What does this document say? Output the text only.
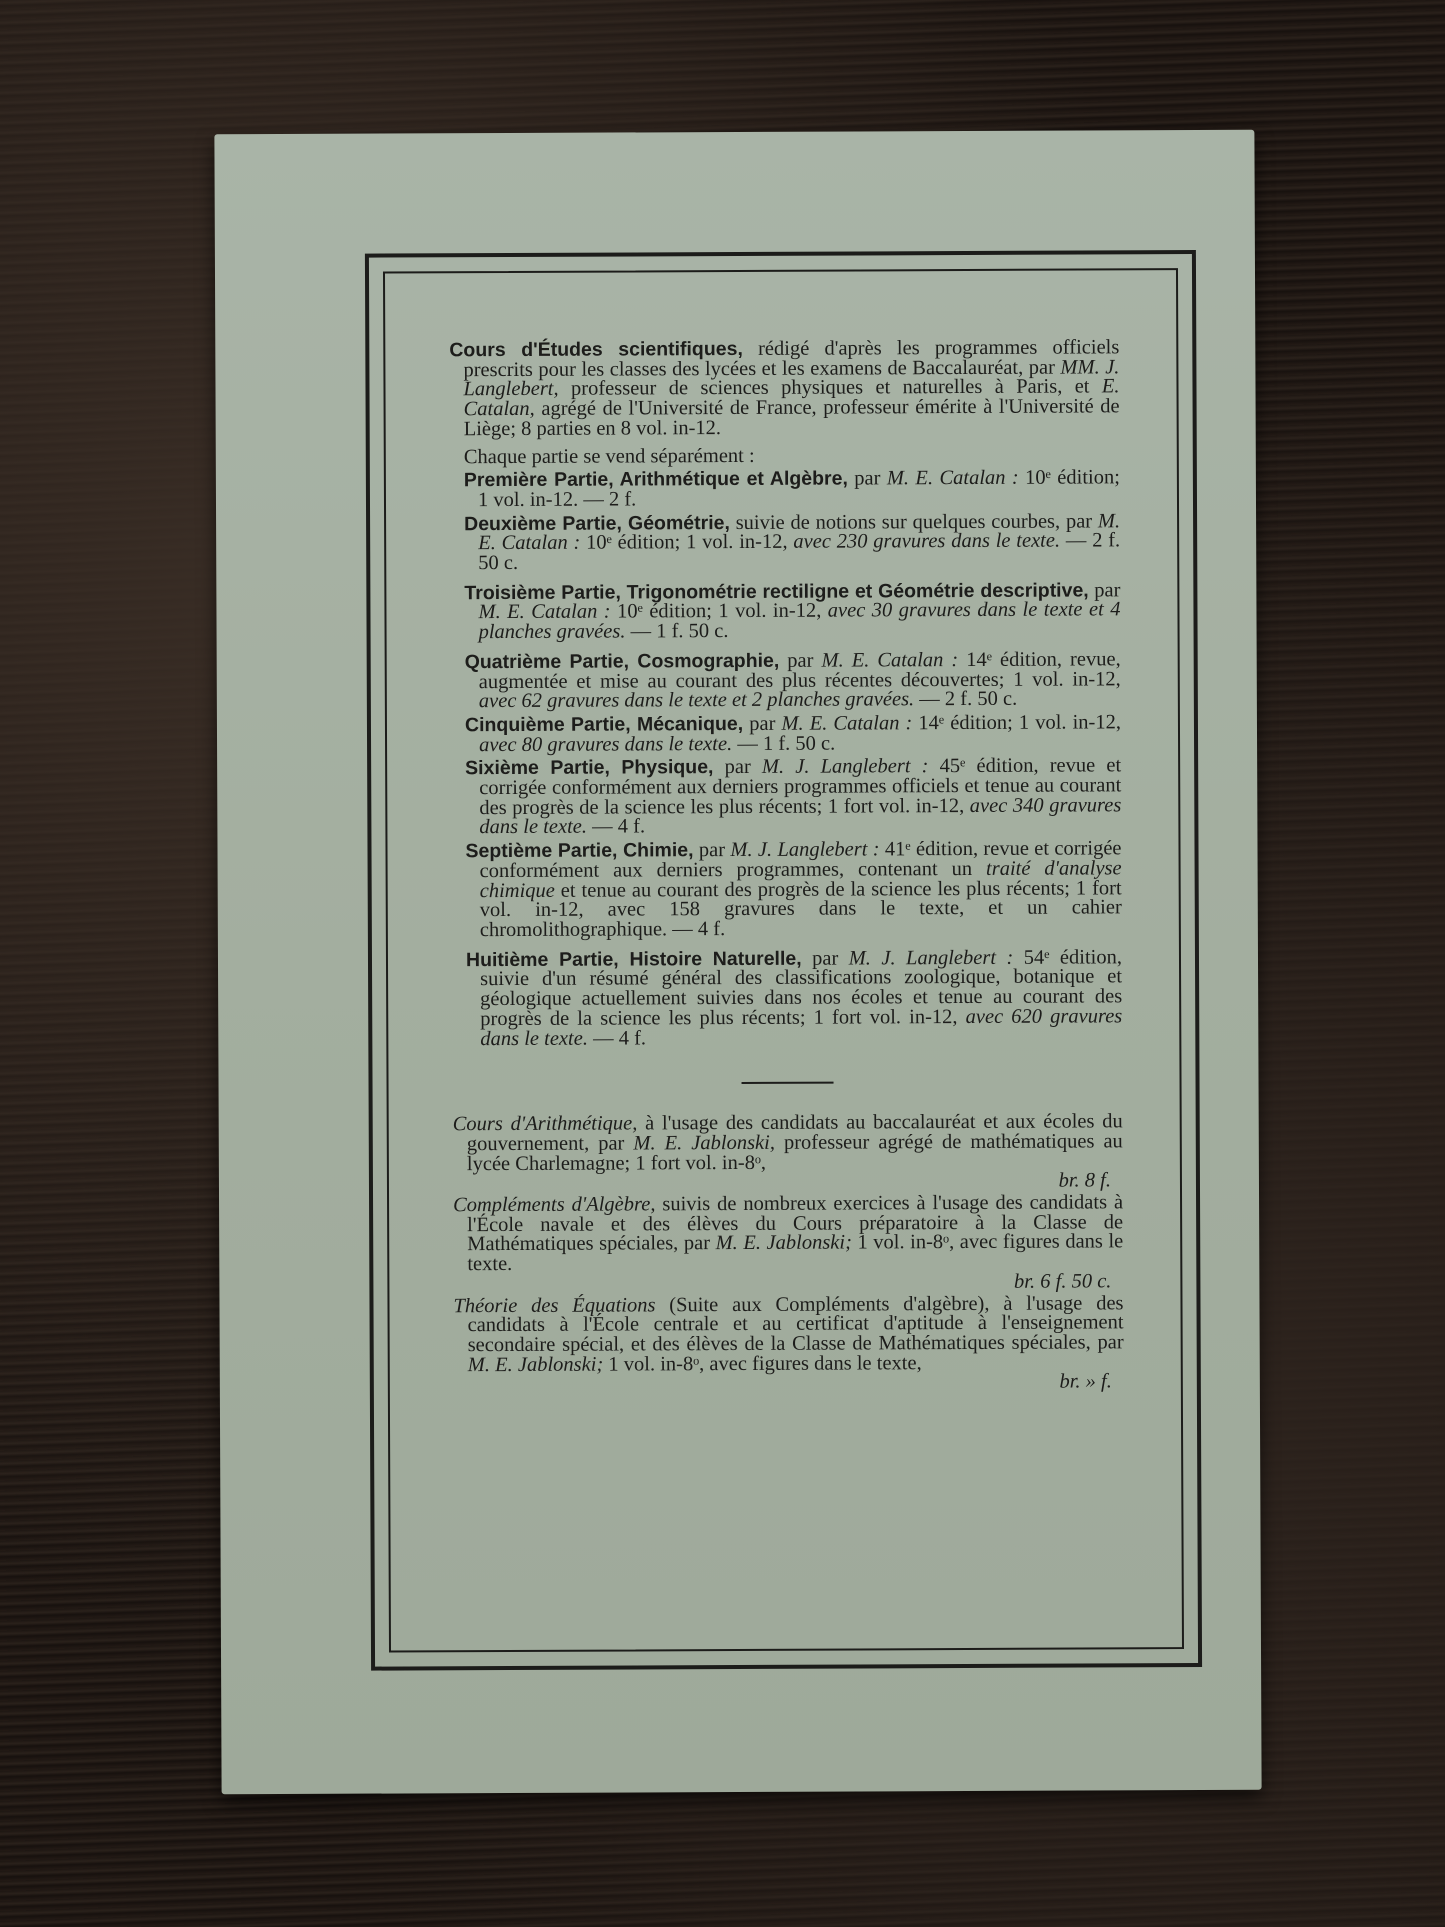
Cours d'Études scientifiques, rédigé d'après les programmes officiels prescrits pour les classes des lycées et les examens de Baccalauréat, par MM. J. Langlebert, professeur de sciences physiques et naturelles à Paris, et E. Catalan, agrégé de l'Université de France, professeur émérite à l'Université de Liège; 8 parties en 8 vol. in-12.

Chaque partie se vend séparément :

Première Partie, Arithmétique et Algèbre, par M. E. Catalan : 10ᵉ édition; 1 vol. in-12. — 2 f.

Deuxième Partie, Géométrie, suivie de notions sur quelques courbes, par M. E. Catalan : 10ᵉ édition; 1 vol. in-12, avec 230 gravures dans le texte. — 2 f. 50 c.

Troisième Partie, Trigonométrie rectiligne et Géométrie descriptive, par M. E. Catalan : 10ᵉ édition; 1 vol. in-12, avec 30 gravures dans le texte et 4 planches gravées. — 1 f. 50 c.

Quatrième Partie, Cosmographie, par M. E. Catalan : 14ᵉ édition, revue, augmentée et mise au courant des plus récentes découvertes; 1 vol. in-12, avec 62 gravures dans le texte et 2 planches gravées. — 2 f. 50 c.

Cinquième Partie, Mécanique, par M. E. Catalan : 14ᵉ édition; 1 vol. in-12, avec 80 gravures dans le texte. — 1 f. 50 c.

Sixième Partie, Physique, par M. J. Langlebert : 45ᵉ édition, revue et corrigée conformément aux derniers programmes officiels et tenue au courant des progrès de la science les plus récents; 1 fort vol. in-12, avec 340 gravures dans le texte. — 4 f.

Septième Partie, Chimie, par M. J. Langlebert : 41ᵉ édition, revue et corrigée conformément aux derniers programmes, contenant un traité d'analyse chimique et tenue au courant des progrès de la science les plus récents; 1 fort vol. in-12, avec 158 gravures dans le texte, et un cahier chromolithographique. — 4 f.

Huitième Partie, Histoire Naturelle, par M. J. Langlebert : 54ᵉ édition, suivie d'un résumé général des classifications zoologique, botanique et géologique actuellement suivies dans nos écoles et tenue au courant des progrès de la science les plus récents; 1 fort vol. in-12, avec 620 gravures dans le texte. — 4 f.

Cours d'Arithmétique, à l'usage des candidats au baccalauréat et aux écoles du gouvernement, par M. E. Jablonski, professeur agrégé de mathématiques au lycée Charlemagne; 1 fort vol. in-8ᵒ,

br. 8 f.

Compléments d'Algèbre, suivis de nombreux exercices à l'usage des candidats à l'École navale et des élèves du Cours préparatoire à la Classe de Mathématiques spéciales, par M. E. Jablonski; 1 vol. in-8ᵒ, avec figures dans le texte.

br. 6 f. 50 c.

Théorie des Équations (Suite aux Compléments d'algèbre), à l'usage des candidats à l'École centrale et au certificat d'aptitude à l'enseignement secondaire spécial, et des élèves de la Classe de Mathématiques spéciales, par M. E. Jablonski; 1 vol. in-8ᵒ, avec figures dans le texte,

br. » f.
